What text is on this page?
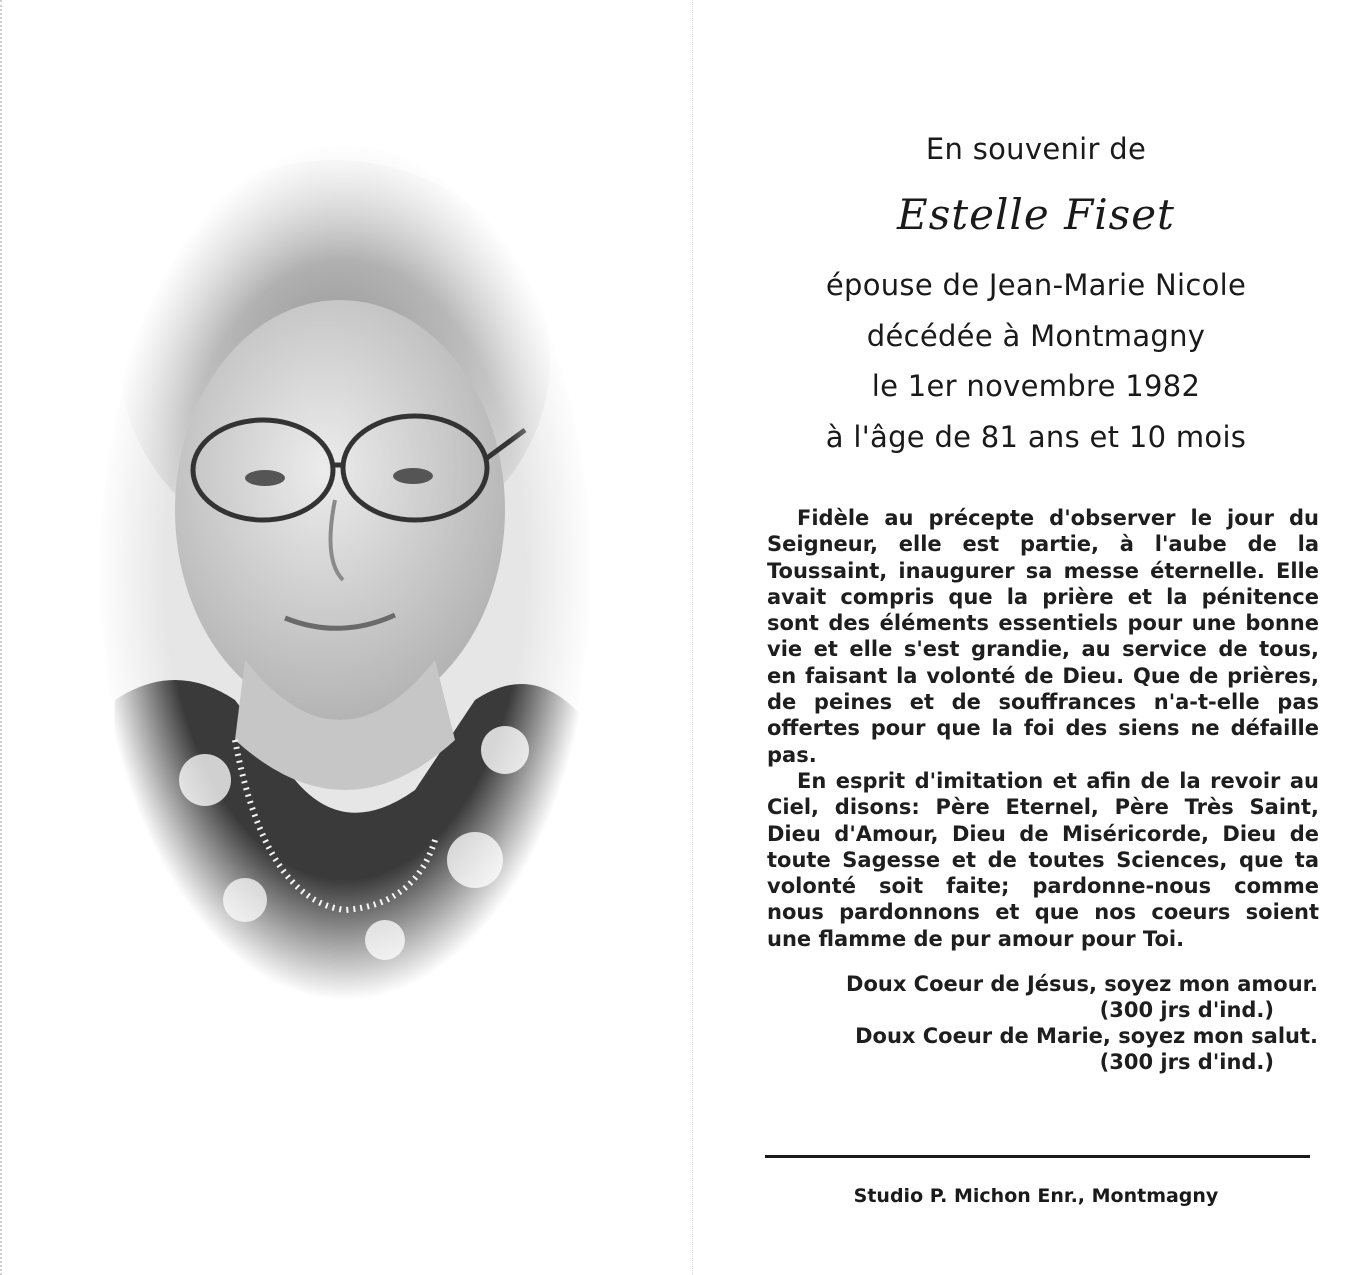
En souvenir de
Estelle Fiset
épouse de Jean-Marie Nicole
décédée à Montmagny
le 1er novembre 1982
à l'âge de 81 ans et 10 mois
Fidèle au précepte d'observer le jour du Seigneur, elle est partie, à l'aube de la Toussaint, inaugurer sa messe éternelle. Elle avait compris que la prière et la pénitence sont des éléments essentiels pour une bonne vie et elle s'est grandie, au service de tous, en faisant la volonté de Dieu. Que de prières, de peines et de souffrances n'a-t-elle pas offertes pour que la foi des siens ne défaille pas.
En esprit d'imitation et afin de la revoir au Ciel, disons: Père Eternel, Père Très Saint, Dieu d'Amour, Dieu de Miséricorde, Dieu de toute Sagesse et de toutes Sciences, que ta volonté soit faite; pardonne-nous comme nous pardonnons et que nos coeurs soient une flamme de pur amour pour Toi.
Doux Coeur de Jésus, soyez mon amour.
(300 jrs d'ind.)
Doux Coeur de Marie, soyez mon salut.
(300 jrs d'ind.)
Studio P. Michon Enr., Montmagny
